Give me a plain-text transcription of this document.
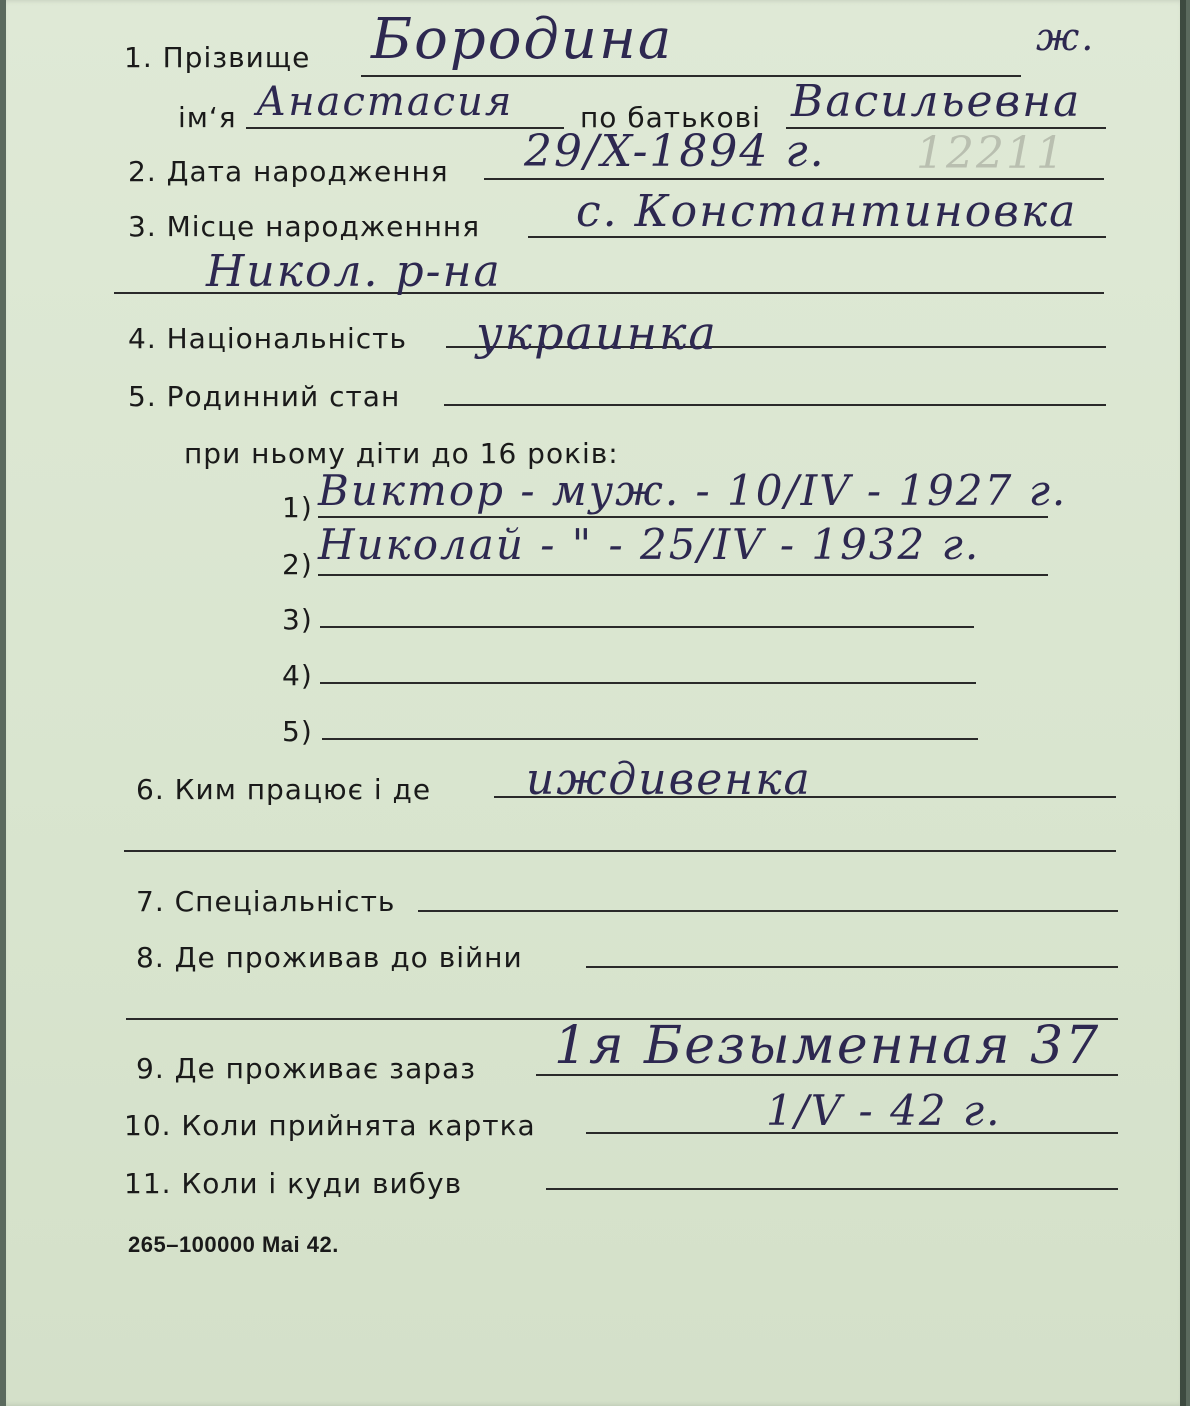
1. Прізвище Бородина	ж.
ім‘я Анастасия по батькові Васильевна
2. Дата народження 29/X-1894 г. 12211
3. Місце народженння с. Константиновка
Никол. р-на
4. Національність украинка
5. Родинний стан
при ньому діти до 16 років:
1) Виктор - муж. - 10/IV - 1927 г.
2) Николай - " - 25/IV - 1932 г.
3)
4)
5)
6. Ким працює і де иждивенка
7. Спеціальність
8. Де проживав до війни
9. Де проживає зараз 1я Безыменная 37
10. Коли прийнята картка	1/V - 42 г.
11. Коли і куди вибув
265–100000 Mai 42.
